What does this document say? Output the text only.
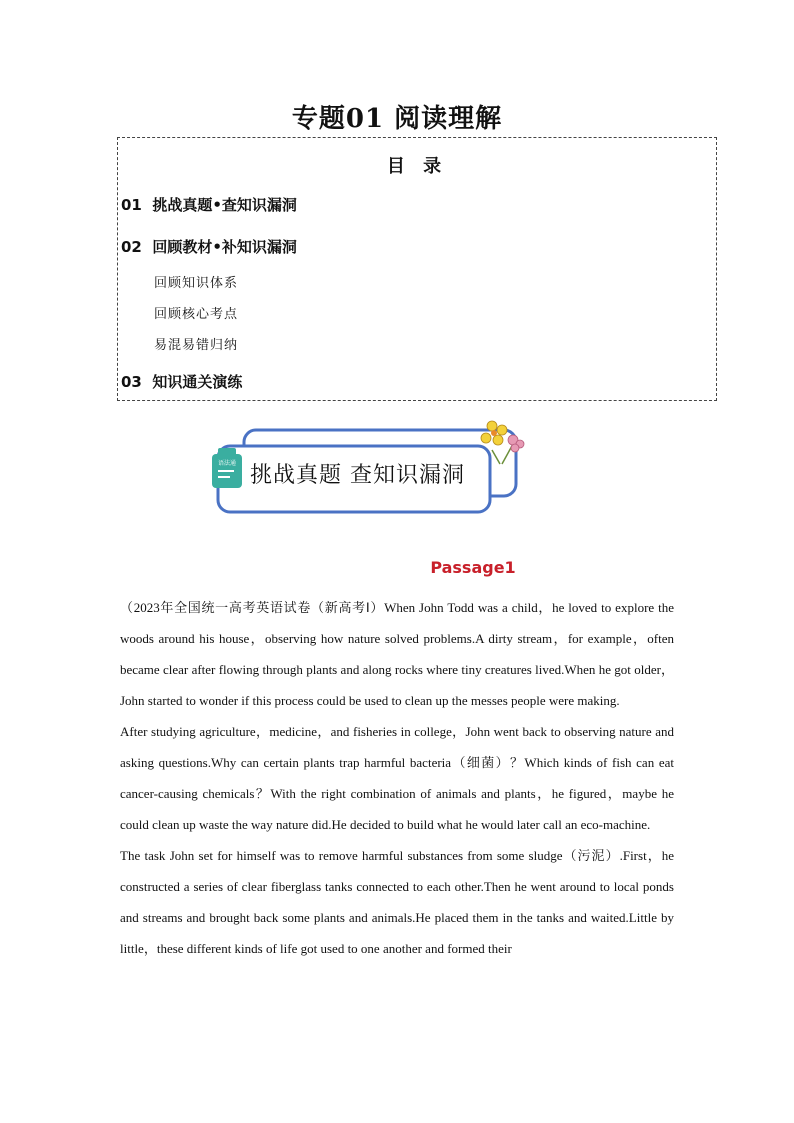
专题01 阅读理解
目 录
01 挑战真题•查知识漏洞
02 回顾教材•补知识漏洞
回顾知识体系
回顾核心考点
易混易错归纳
03 知识通关演练
语法通 挑战真题 查知识漏洞
Passage1

（2023年全国统一高考英语试卷（新高考Ⅰ）When John Todd was a child，he loved to explore the woods around his house，observing how nature solved problems.A dirty stream，for example，often became clear after flowing through plants and along rocks where tiny creatures lived.When he got older，John started to wonder if this process could be used to clean up the messes people were making.

After studying agriculture，medicine，and fisheries in college，John went back to observing nature and asking questions.Why can certain plants trap harmful bacteria（细菌）？Which kinds of fish can eat cancer-causing chemicals？With the right combination of animals and plants，he figured，maybe he could clean up waste the way nature did.He decided to build what he would later call an eco-machine.

The task John set for himself was to remove harmful substances from some sludge（污泥）.First，he constructed a series of clear fiberglass tanks connected to each other.Then he went around to local ponds and streams and brought back some plants and animals.He placed them in the tanks and waited.Little by little，these different kinds of life got used to one another and formed their
